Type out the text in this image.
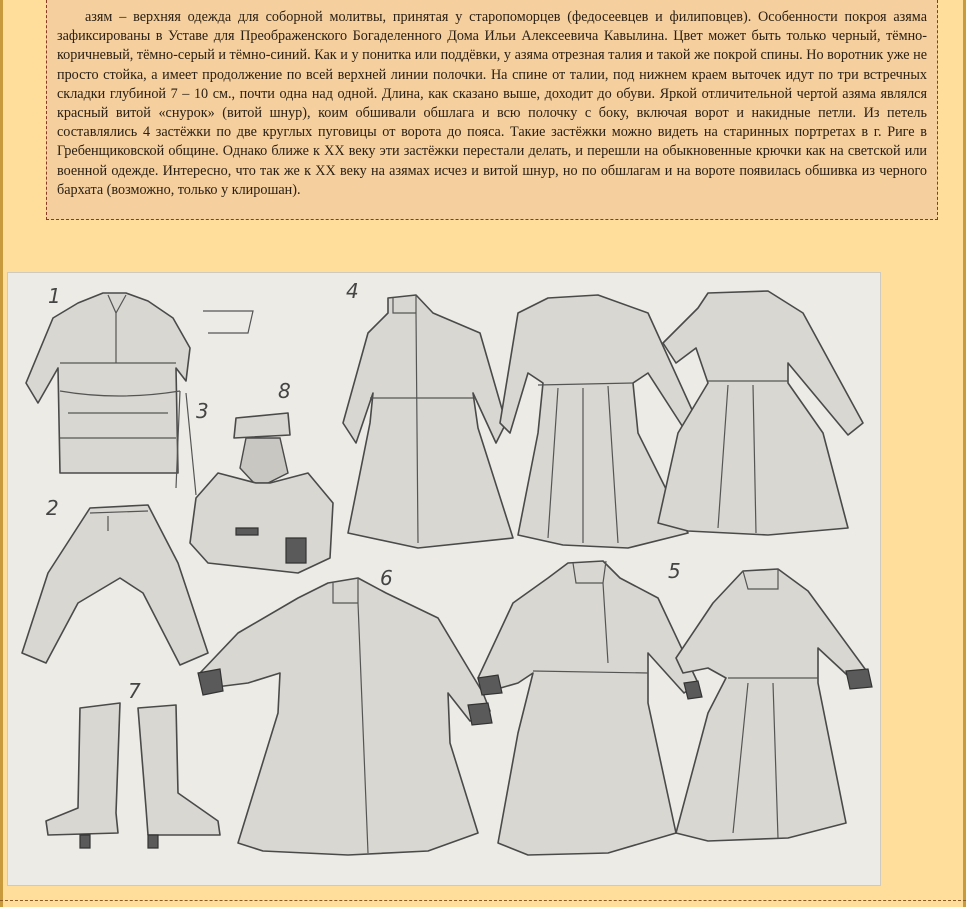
азям – верхняя одежда для соборной молитвы, принятая у старопоморцев (федосеевцев и филиповцев). Особенности покроя азяма зафиксированы в Уставе для Преображенского Богаделенного Дома Ильи Алексеевича Кавылина. Цвет может быть только черный, тёмно-коричневый, тёмно-серый и тёмно-синий. Как и у понитка или поддёвки, у азяма отрезная талия и такой же покрой спины. Но воротник уже не просто стойка, а имеет продолжение по всей верхней линии полочки. На спине от талии, под нижнем краем выточек идут по три встречных складки глубиной 7 – 10 см., почти одна над одной. Длина, как сказано выше, доходит до обуви. Яркой отличительной чертой азяма являлся красный витой «снурок» (витой шнур), коим обшивали обшлага и всю полочку с боку, включая ворот и накидные петли. Из петель составлялись 4 застёжки по две круглых пуговицы от ворота до пояса. Такие застёжки можно видеть на старинных портретах в г. Риге в Гребенщиковской общине. Однако ближе к XX веку эти застёжки перестали делать, и перешли на обыкновенные крючки как на светской или военной одежде. Интересно, что так же к XX веку на азямах исчез и витой шнур, но по обшлагам и на вороте появилась обшивка из черного бархата (возможно, только у клирошан).

1
3
2
7
8
4
6	5
